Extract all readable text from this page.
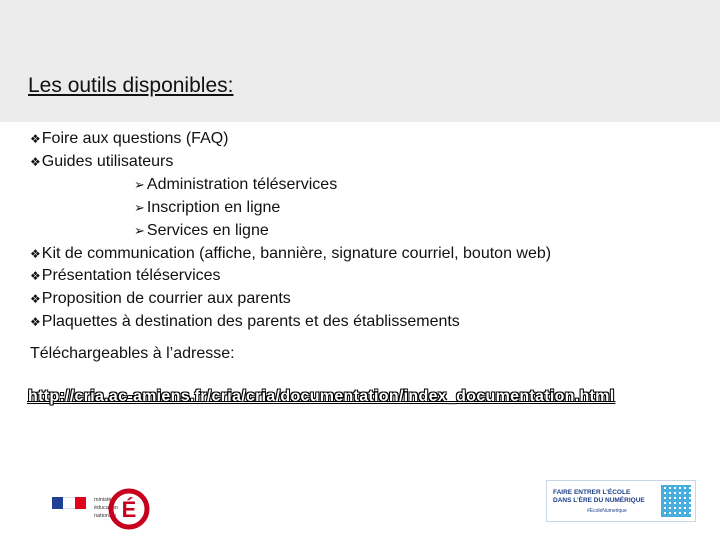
Les outils disponibles:
❖Foire aux questions (FAQ)
❖Guides utilisateurs
➢ Administration téléservices
➢ Inscription en ligne
➢ Services en ligne
❖Kit de communication (affiche, bannière, signature courriel, bouton web)
❖Présentation téléservices
❖Proposition de courrier aux parents
❖Plaquettes à destination des parents et des établissements

Téléchargeables à l’adresse:

http://cria.ac-amiens.fr/cria/cria/documentation/index_documentation.html
ministère
éducation
nationale É
FAIRE ENTRER L’ÉCOLE
DANS L’ÈRE DU NUMÉRIQUE
#EcoleNumerique
